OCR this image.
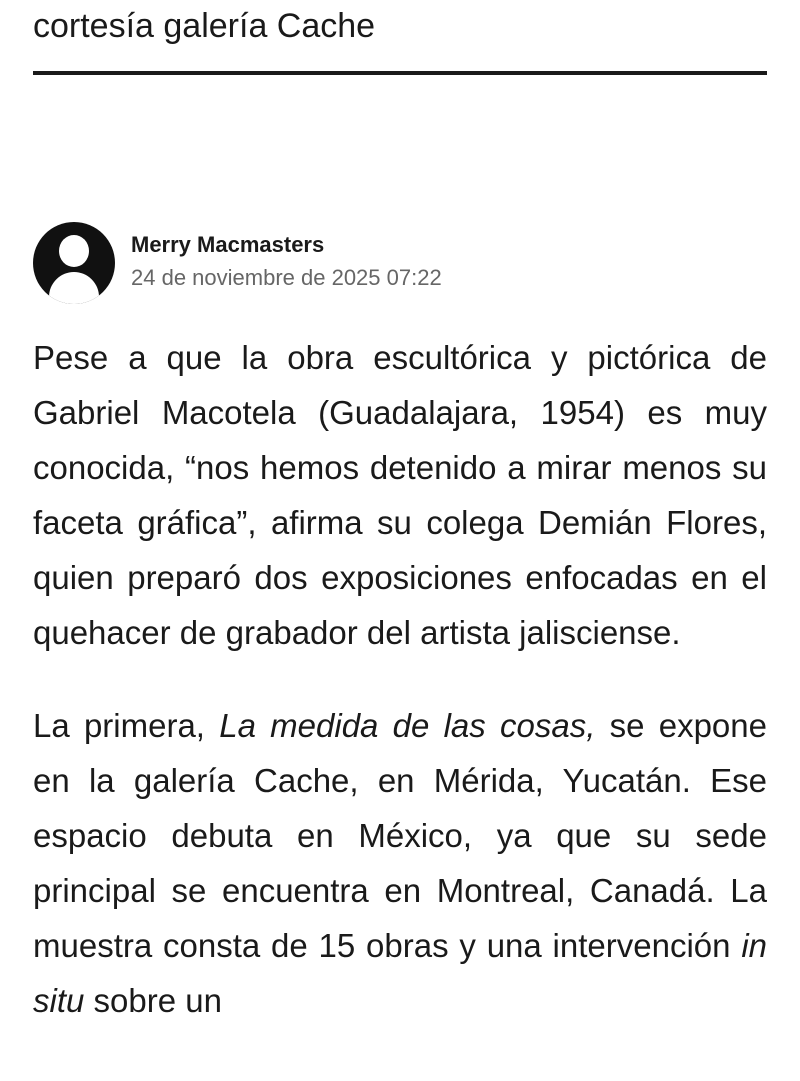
cortesía galería Cache

Merry Macmasters
24 de noviembre de 2025 07:22

Pese a que la obra escultórica y pictórica de Gabriel Macotela (Guadalajara, 1954) es muy conocida, “nos hemos detenido a mirar menos su faceta gráfica”, afirma su colega Demián Flores, quien preparó dos exposiciones enfocadas en el quehacer de grabador del artista jalisciense.

La primera, La medida de las cosas, se expone en la galería Cache, en Mérida, Yucatán. Ese espacio debuta en México, ya que su sede principal se encuentra en Montreal, Canadá. La muestra consta de 15 obras y una intervención in situ sobre un
